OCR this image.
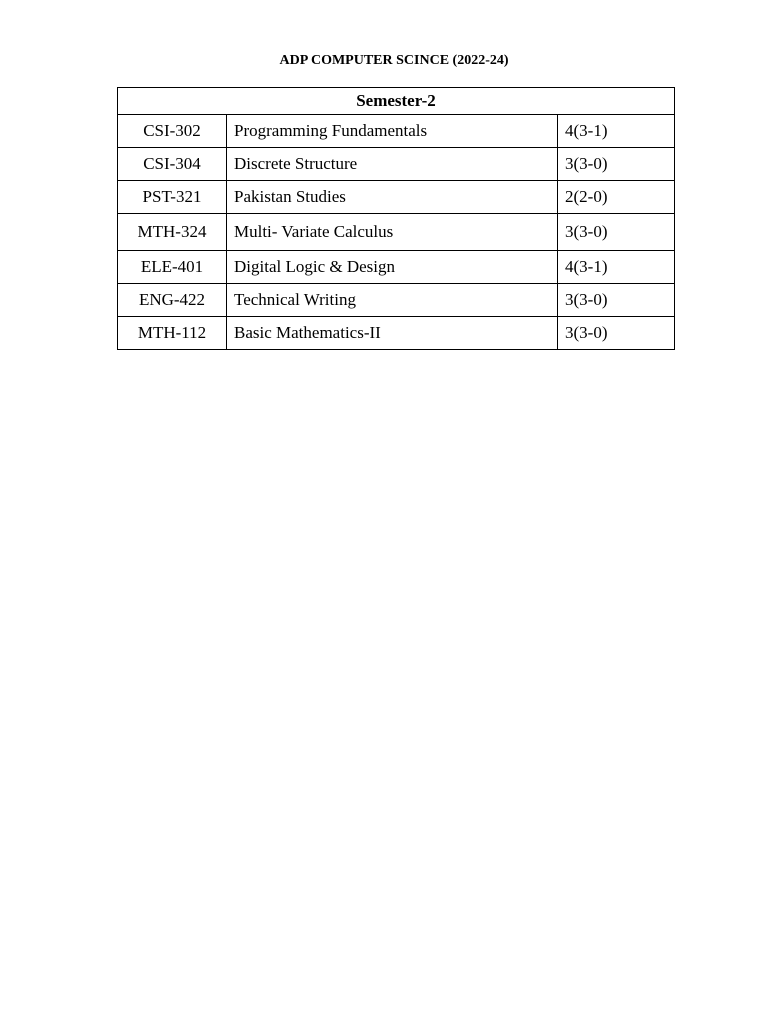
ADP COMPUTER SCINCE (2022-24)
Semester-2		
CSI-302	Programming Fundamentals	4(3-1)
CSI-304	Discrete Structure	3(3-0)
PST-321	Pakistan Studies	2(2-0)
MTH-324	Multi- Variate Calculus	3(3-0)
ELE-401	Digital Logic & Design	4(3-1)
ENG-422	Technical Writing	3(3-0)
MTH-112	Basic Mathematics-II	3(3-0)
